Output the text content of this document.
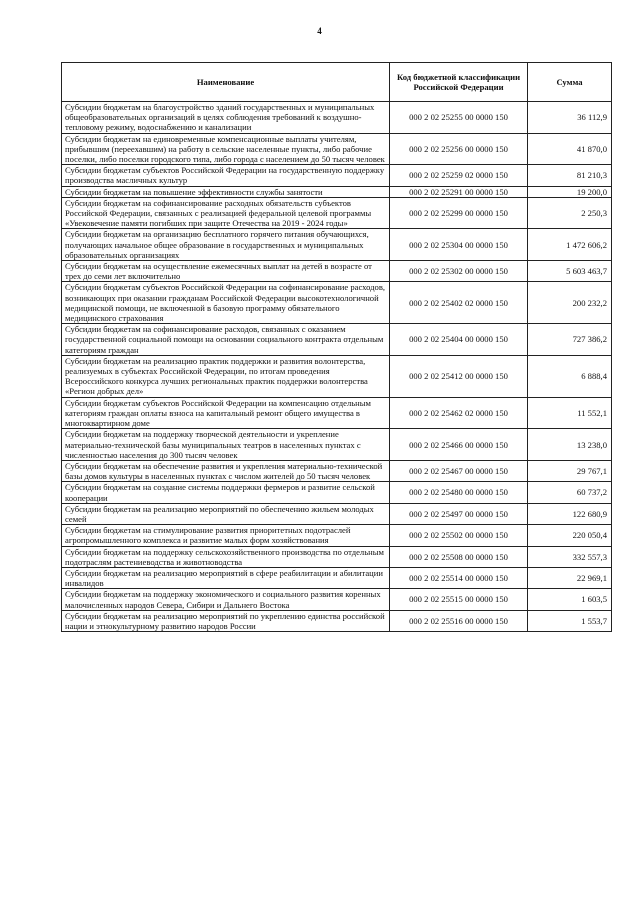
4
Наименование	Код бюджетной классификации Российской Федерации	Сумма
Субсидии бюджетам на благоустройство зданий государственных и муниципальных общеобразовательных организаций в целях соблюдения требований к воздушно-тепловому режиму, водоснабжению и канализации	000 2 02 25255 00 0000 150	36 112,9
Субсидии бюджетам на единовременные компенсационные выплаты учителям, прибывшим (переехавшим) на работу в сельские населенные пункты, либо рабочие поселки, либо поселки городского типа, либо города с населением до 50 тысяч человек	000 2 02 25256 00 0000 150	41 870,0
Субсидии бюджетам субъектов Российской Федерации на государственную поддержку производства масличных культур	000 2 02 25259 02 0000 150	81 210,3
Субсидии бюджетам на повышение эффективности службы занятости	000 2 02 25291 00 0000 150	19 200,0
Субсидии бюджетам на софинансирование расходных обязательств субъектов Российской Федерации, связанных с реализацией федеральной целевой программы «Увековечение памяти погибших при защите Отечества на 2019 - 2024 годы»	000 2 02 25299 00 0000 150	2 250,3
Субсидии бюджетам на организацию бесплатного горячего питания обучающихся, получающих начальное общее образование в государственных и муниципальных образовательных организациях	000 2 02 25304 00 0000 150	1 472 606,2
Субсидии бюджетам на осуществление ежемесячных выплат на детей в возрасте от трех до семи лет включительно	000 2 02 25302 00 0000 150	5 603 463,7
Субсидии бюджетам субъектов Российской Федерации на софинансирование расходов, возникающих при оказании гражданам Российской Федерации высокотехнологичной медицинской помощи, не включенной в базовую программу обязательного медицинского страхования	000 2 02 25402 02 0000 150	200 232,2
Субсидии бюджетам на софинансирование расходов, связанных с оказанием государственной социальной помощи на основании социального контракта отдельным категориям граждан	000 2 02 25404 00 0000 150	727 386,2
Субсидии бюджетам на реализацию практик поддержки и развития волонтерства, реализуемых в субъектах Российской Федерации, по итогам проведения Всероссийского конкурса лучших региональных практик поддержки волонтерства «Регион добрых дел»	000 2 02 25412 00 0000 150	6 888,4
Субсидии бюджетам субъектов Российской Федерации на компенсацию отдельным категориям граждан оплаты взноса на капитальный ремонт общего имущества в многоквартирном доме	000 2 02 25462 02 0000 150	11 552,1
Субсидии бюджетам на поддержку творческой деятельности и укрепление материально-технической базы муниципальных театров в населенных пунктах с численностью населения до 300 тысяч человек	000 2 02 25466 00 0000 150	13 238,0
Субсидии бюджетам на обеспечение развития и укрепления материально-технической базы домов культуры в населенных пунктах с числом жителей до 50 тысяч человек	000 2 02 25467 00 0000 150	29 767,1
Субсидии бюджетам на создание системы поддержки фермеров и развитие сельской кооперации	000 2 02 25480 00 0000 150	60 737,2
Субсидии бюджетам на реализацию мероприятий по обеспечению жильем молодых семей	000 2 02 25497 00 0000 150	122 680,9
Субсидии бюджетам на стимулирование развития приоритетных подотраслей агропромышленного комплекса и развитие малых форм хозяйствования	000 2 02 25502 00 0000 150	220 050,4
Субсидии бюджетам на поддержку сельскохозяйственного производства по отдельным подотраслям растениеводства и животноводства	000 2 02 25508 00 0000 150	332 557,3
Субсидии бюджетам на реализацию мероприятий в сфере реабилитации и абилитации инвалидов	000 2 02 25514 00 0000 150	22 969,1
Субсидии бюджетам на поддержку экономического и социального развития коренных малочисленных народов Севера, Сибири и Дальнего Востока	000 2 02 25515 00 0000 150	1 603,5
Субсидии бюджетам на реализацию мероприятий по укреплению единства российской нации и этнокультурному развитию народов России	000 2 02 25516 00 0000 150	1 553,7
